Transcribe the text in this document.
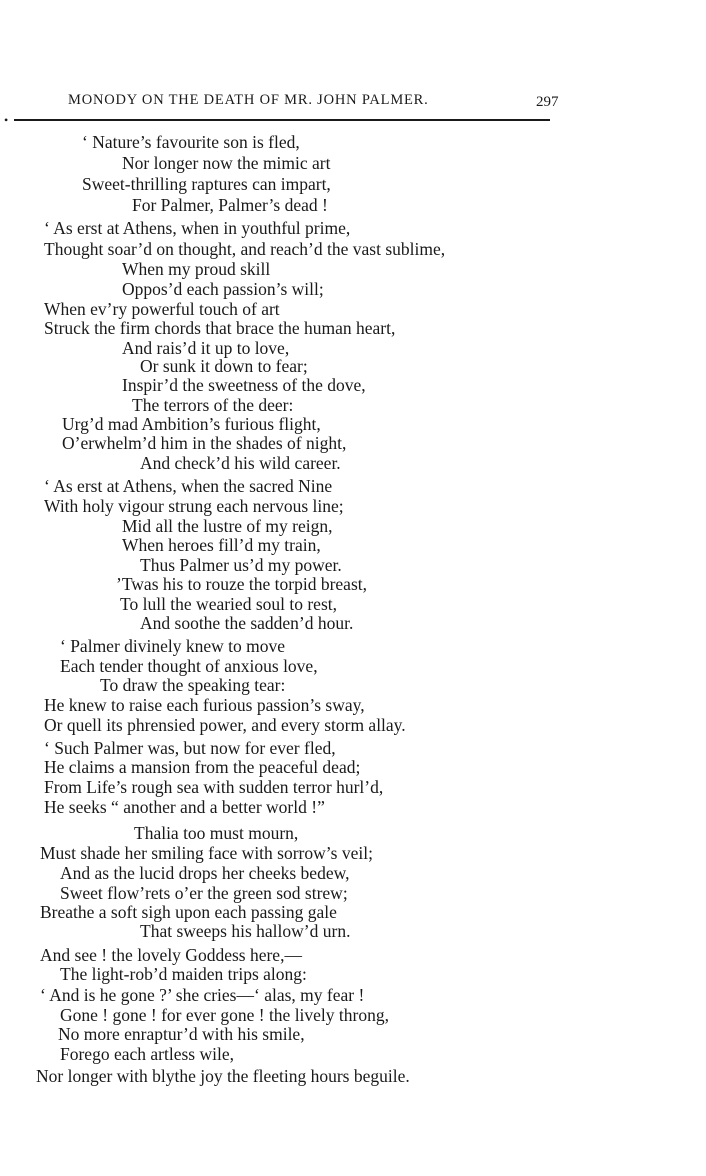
•
MONODY ON THE DEATH OF MR. JOHN PALMER.	297
‘ Nature’s favourite son is fled,
Nor longer now the mimic art
Sweet-thrilling raptures can impart,
For Palmer, Palmer’s dead !
‘ As erst at Athens, when in youthful prime,
Thought soar’d on thought, and reach’d the vast sublime,
When my proud skill
Oppos’d each passion’s will;
When ev’ry powerful touch of art
Struck the firm chords that brace the human heart,
And rais’d it up to love,
Or sunk it down to fear;
Inspir’d the sweetness of the dove,
The terrors of the deer:
Urg’d mad Ambition’s furious flight,
O’erwhelm’d him in the shades of night,
And check’d his wild career.
‘ As erst at Athens, when the sacred Nine
With holy vigour strung each nervous line;
Mid all the lustre of my reign,
When heroes fill’d my train,
Thus Palmer us’d my power.
’Twas his to rouze the torpid breast,
To lull the wearied soul to rest,
And soothe the sadden’d hour.
‘ Palmer divinely knew to move
Each tender thought of anxious love,
To draw the speaking tear:
He knew to raise each furious passion’s sway,
Or quell its phrensied power, and every storm allay.
‘ Such Palmer was, but now for ever fled,
He claims a mansion from the peaceful dead;
From Life’s rough sea with sudden terror hurl’d,
He seeks “ another and a better world !”
Thalia too must mourn,
Must shade her smiling face with sorrow’s veil;
And as the lucid drops her cheeks bedew,
Sweet flow’rets o’er the green sod strew;
Breathe a soft sigh upon each passing gale
That sweeps his hallow’d urn.
And see ! the lovely Goddess here,—
The light-rob’d maiden trips along:
‘ And is he gone ?’ she cries—‘ alas, my fear !
Gone ! gone ! for ever gone ! the lively throng,
No more enraptur’d with his smile,
Forego each artless wile,
Nor longer with blythe joy the fleeting hours beguile.
